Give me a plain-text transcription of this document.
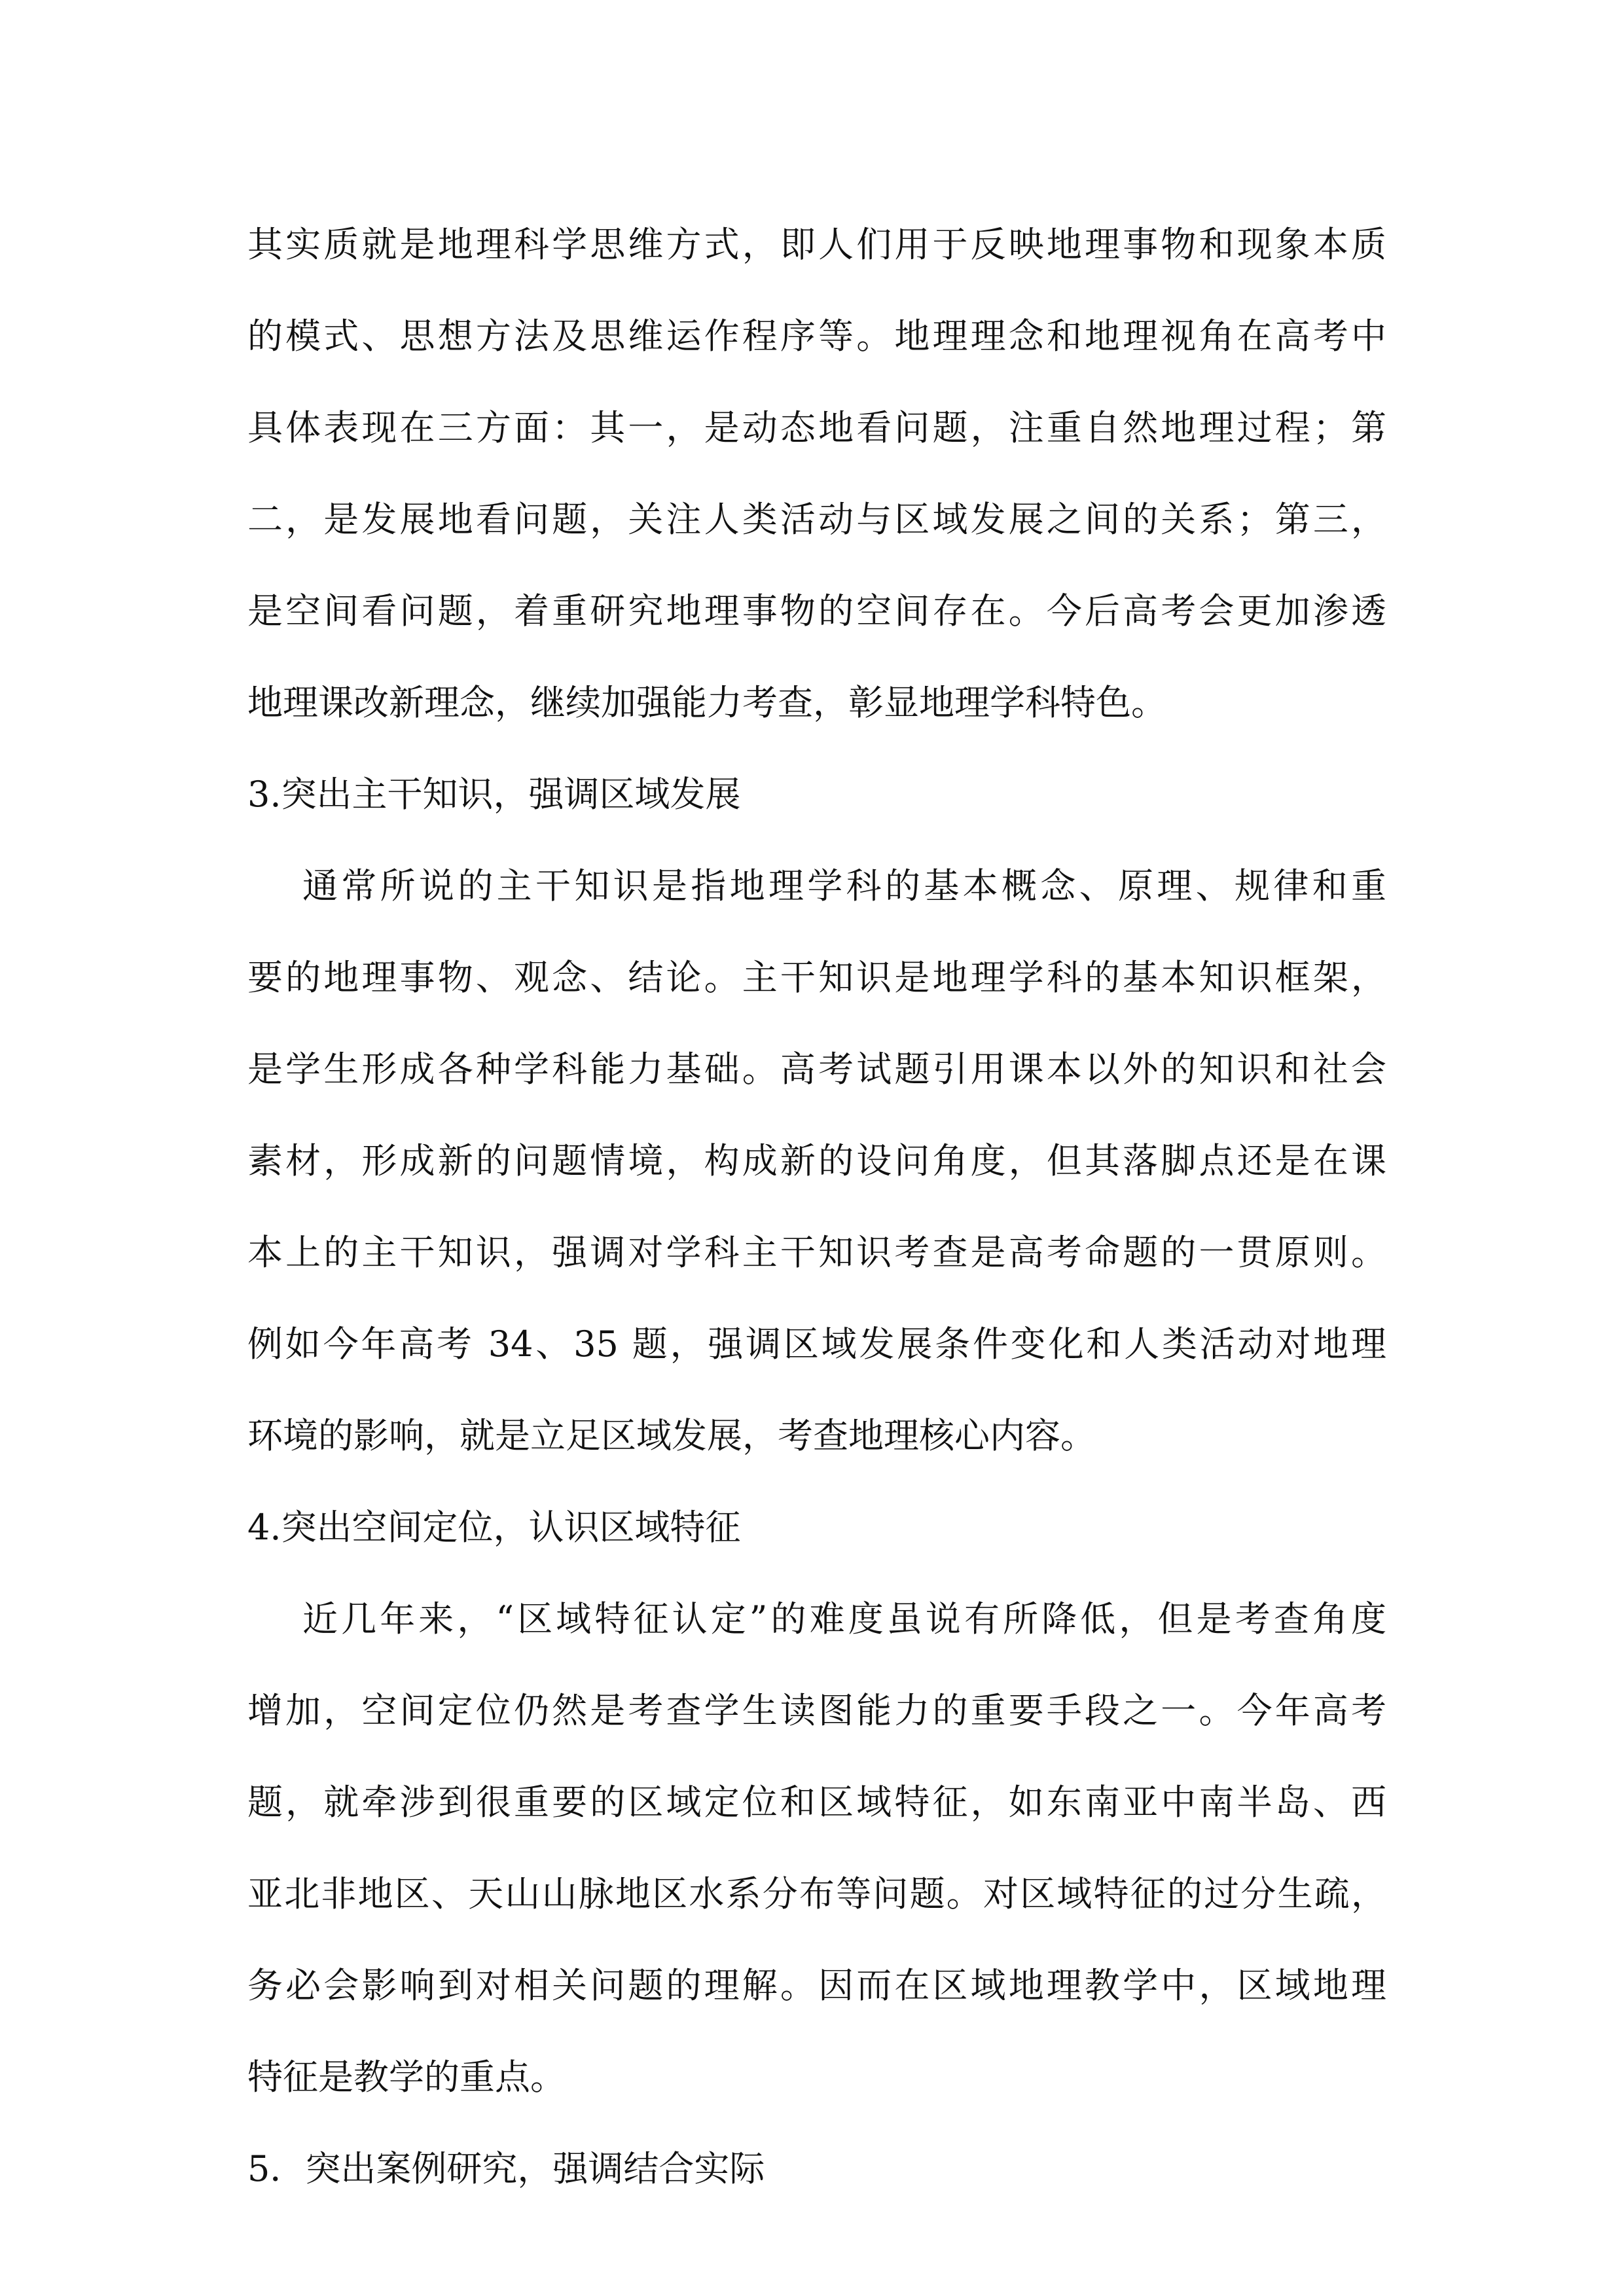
其实质就是地理科学思维方式，即人们用于反映地理事物和现象本质
的模式、思想方法及思维运作程序等。地理理念和地理视角在高考中
具体表现在三方面：其一，是动态地看问题，注重自然地理过程；第
二，是发展地看问题，关注人类活动与区域发展之间的关系；第三，
是空间看问题，着重研究地理事物的空间存在。今后高考会更加渗透
地理课改新理念，继续加强能力考查，彰显地理学科特色。
3.突出主干知识，强调区域发展
通常所说的主干知识是指地理学科的基本概念、原理、规律和重
要的地理事物、观念、结论。主干知识是地理学科的基本知识框架，
是学生形成各种学科能力基础。高考试题引用课本以外的知识和社会
素材，形成新的问题情境，构成新的设问角度，但其落脚点还是在课
本上的主干知识，强调对学科主干知识考查是高考命题的一贯原则。
例如今年高考 34、35 题，强调区域发展条件变化和人类活动对地理
环境的影响，就是立足区域发展，考查地理核心内容。
4.突出空间定位，认识区域特征
近几年来，“区域特征认定”的难度虽说有所降低，但是考查角度
增加，空间定位仍然是考查学生读图能力的重要手段之一。今年高考
题，就牵涉到很重要的区域定位和区域特征，如东南亚中南半岛、西
亚北非地区、天山山脉地区水系分布等问题。对区域特征的过分生疏，
务必会影响到对相关问题的理解。因而在区域地理教学中，区域地理
特征是教学的重点。
5．突出案例研究，强调结合实际
